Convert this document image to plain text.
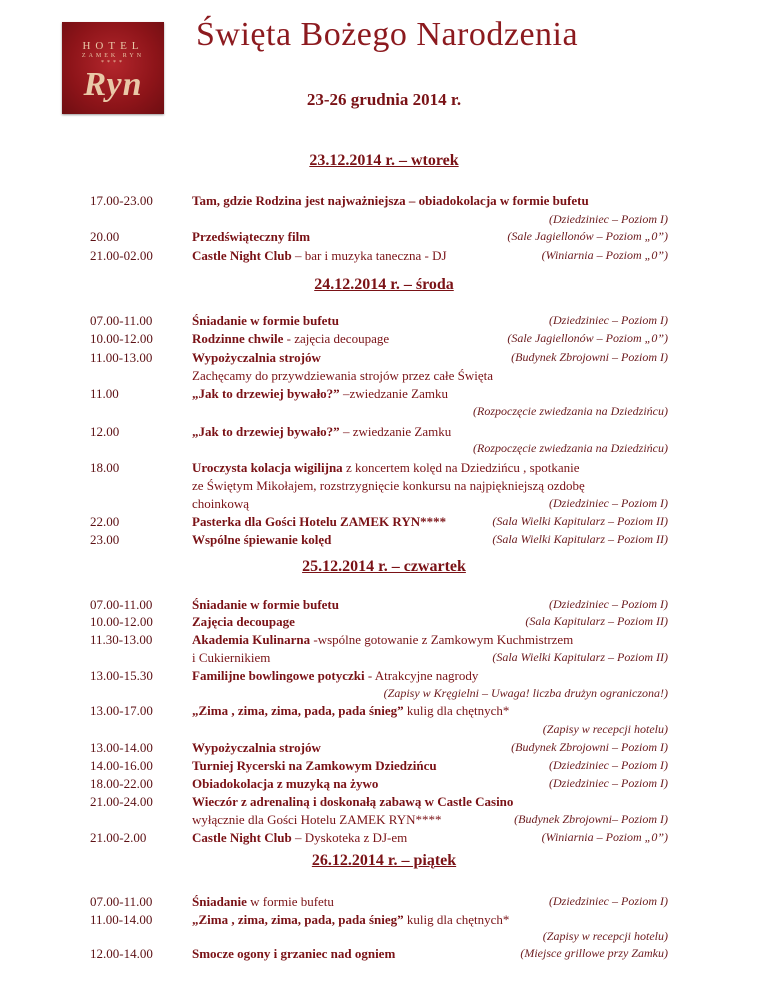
HOTEL
ZAMEK RYN
****
Ryn
Święta Bożego Narodzenia
23-26 grudnia 2014 r.
23.12.2014 r. – wtorek
17.00-23.00	Tam, gdzie Rodzina jest najważniejsza – obiadokolacja w formie bufetu
(Dziedziniec – Poziom I)
20.00	Przedświąteczny film	(Sale Jagiellonów – Poziom „0”)
21.00-02.00	Castle Night Club – bar i muzyka taneczna - DJ	(Winiarnia – Poziom „0”)
24.12.2014 r. – środa
07.00-11.00	Śniadanie w formie bufetu	(Dziedziniec – Poziom I)
10.00-12.00	Rodzinne chwile - zajęcia decoupage	(Sale Jagiellonów – Poziom „0”)
11.00-13.00	Wypożyczalnia strojów	(Budynek Zbrojowni – Poziom I)
Zachęcamy do przywdziewania strojów przez całe Święta
11.00	„Jak to drzewiej bywało?” –zwiedzanie Zamku
(Rozpoczęcie zwiedzania na Dziedzińcu)
12.00	„Jak to drzewiej bywało?” – zwiedzanie Zamku
(Rozpoczęcie zwiedzania na Dziedzińcu)
18.00	Uroczysta kolacja wigilijna z koncertem kolęd na Dziedzińcu , spotkanie
ze Świętym Mikołajem, rozstrzygnięcie konkursu na najpiękniejszą ozdobę
choinkową	(Dziedziniec – Poziom I)
22.00	Pasterka dla Gości Hotelu ZAMEK RYN****	(Sala Wielki Kapitularz – Poziom II)
23.00	Wspólne śpiewanie kolęd	(Sala Wielki Kapitularz – Poziom II)
25.12.2014 r. – czwartek
07.00-11.00	Śniadanie w formie bufetu	(Dziedziniec – Poziom I)
10.00-12.00	Zajęcia decoupage	(Sala Kapitularz – Poziom II)
11.30-13.00	Akademia Kulinarna -wspólne gotowanie z Zamkowym Kuchmistrzem
i Cukiernikiem	(Sala Wielki Kapitularz – Poziom II)
13.00-15.30	Familijne bowlingowe potyczki - Atrakcyjne nagrody
(Zapisy w Kręgielni – Uwaga! liczba drużyn ograniczona!)
13.00-17.00	„Zima , zima, zima, pada, pada śnieg” kulig dla chętnych*
(Zapisy w recepcji hotelu)
13.00-14.00	Wypożyczalnia strojów	(Budynek Zbrojowni – Poziom I)
14.00-16.00	Turniej Rycerski na Zamkowym Dziedzińcu	(Dziedziniec – Poziom I)
18.00-22.00	Obiadokolacja z muzyką na żywo	(Dziedziniec – Poziom I)
21.00-24.00	Wieczór z adrenaliną i doskonałą zabawą w Castle Casino
wyłącznie dla Gości Hotelu ZAMEK RYN****	(Budynek Zbrojowni– Poziom I)
21.00-2.00	Castle Night Club – Dyskoteka z DJ-em	(Winiarnia – Poziom „0”)
26.12.2014 r. – piątek
07.00-11.00	Śniadanie w formie bufetu	(Dziedziniec – Poziom I)
11.00-14.00	„Zima , zima, zima, pada, pada śnieg” kulig dla chętnych*
(Zapisy w recepcji hotelu)
12.00-14.00	Smocze ogony i grzaniec nad ogniem	(Miejsce grillowe przy Zamku)
